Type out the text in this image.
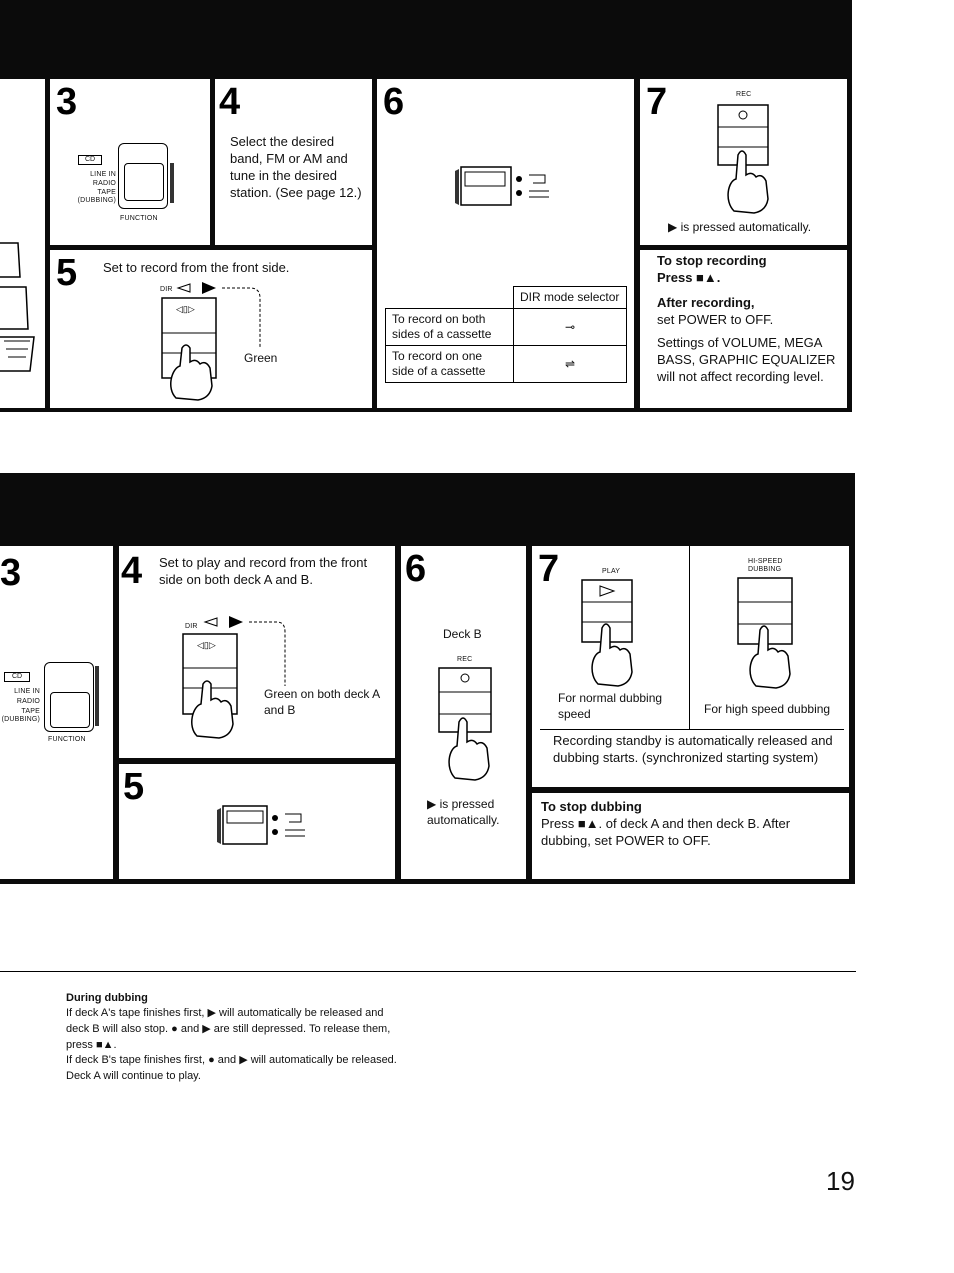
3
CD
LINE IN
RADIO
TAPE
(DUBBING)
FUNCTION
4
Select the desired band, FM or AM and tune in the desired station. (See page 12.)
5 Set to record from the front side.
DIR
◁▯▷
Green
6
	DIR mode selector
To record on both sides of a cassette	⊸
To record on one side of a cassette	⇌
7	REC
▶ is pressed automatically.
To stop recording
Press ■▲.
After recording,
set POWER to OFF.
Settings of VOLUME, MEGA BASS, GRAPHIC EQUALIZER will not affect recording level.
3
CD
LINE IN
RADIO
TAPE
(DUBBING)
FUNCTION
4 Set to play and record from the front side on both deck A and B.
DIR
◁▯▷
Green on both deck A and B
5
6
Deck B
REC
▶ is pressed automatically.
7	PLAY
HI-SPEED
DUBBING
For normal dubbing speed	For high speed dubbing
Recording standby is automatically released and dubbing starts. (synchronized starting system)
To stop dubbing
Press ■▲. of deck A and then deck B. After dubbing, set POWER to OFF.
During dubbing
If deck A's tape finishes first, ▶ will automatically be released and
deck B will also stop. ● and ▶ are still depressed. To release them,
press ■▲.
If deck B's tape finishes first, ● and ▶ will automatically be released.
Deck A will continue to play.
19
